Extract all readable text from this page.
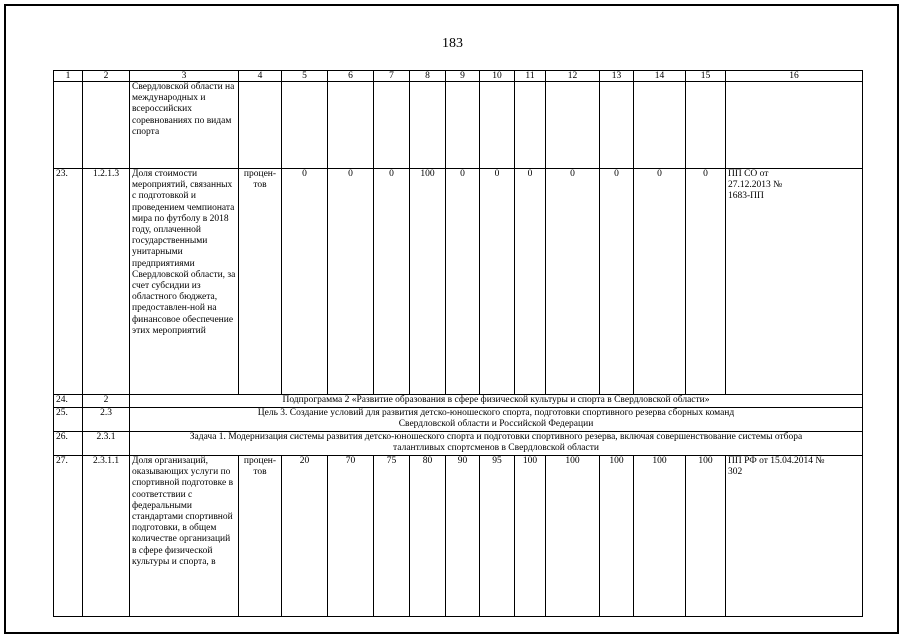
183
1	2	3	4	5	6	7	8	9	10	11	12	13	14	15	16
		Свердловской области на международных и всероссийских соревнованиях по видам спорта													
23.	1.2.1.3	Доля стоимости мероприятий, связанных с подготовкой и проведением чемпионата мира по футболу в 2018 году, оплаченной государственными унитарными предприятиями Свердловской области, за счет субсидии из областного бюджета, предоставлен-ной на финансовое обеспечение этих мероприятий	процен-тов	0	0	0	100	0	0	0	0	0	0	0	ПП СО от 27.12.2013 № 1683-ПП
24.	2	Подпрограмма 2 «Развитие образования в сфере физической культуры и спорта в Свердловской области»													
25.	2.3	Цель 3. Создание условий для развития детско-юношеского спорта, подготовки спортивного резерва сборных команд Свердловской области и Российской Федерации													
26.	2.3.1	Задача 1. Модернизация системы развития детско-юношеского спорта и подготовки спортивного резерва, включая совершенствование системы отбора талантливых спортсменов в Свердловской области													
27.	2.3.1.1	Доля организаций, оказывающих услуги по спортивной подготовке в соответствии с федеральными стандартами спортивной подготовки, в общем количестве организаций в сфере физической культуры и спорта, в	процен-тов	20	70	75	80	90	95	100	100	100	100	100	ПП РФ от 15.04.2014 № 302
